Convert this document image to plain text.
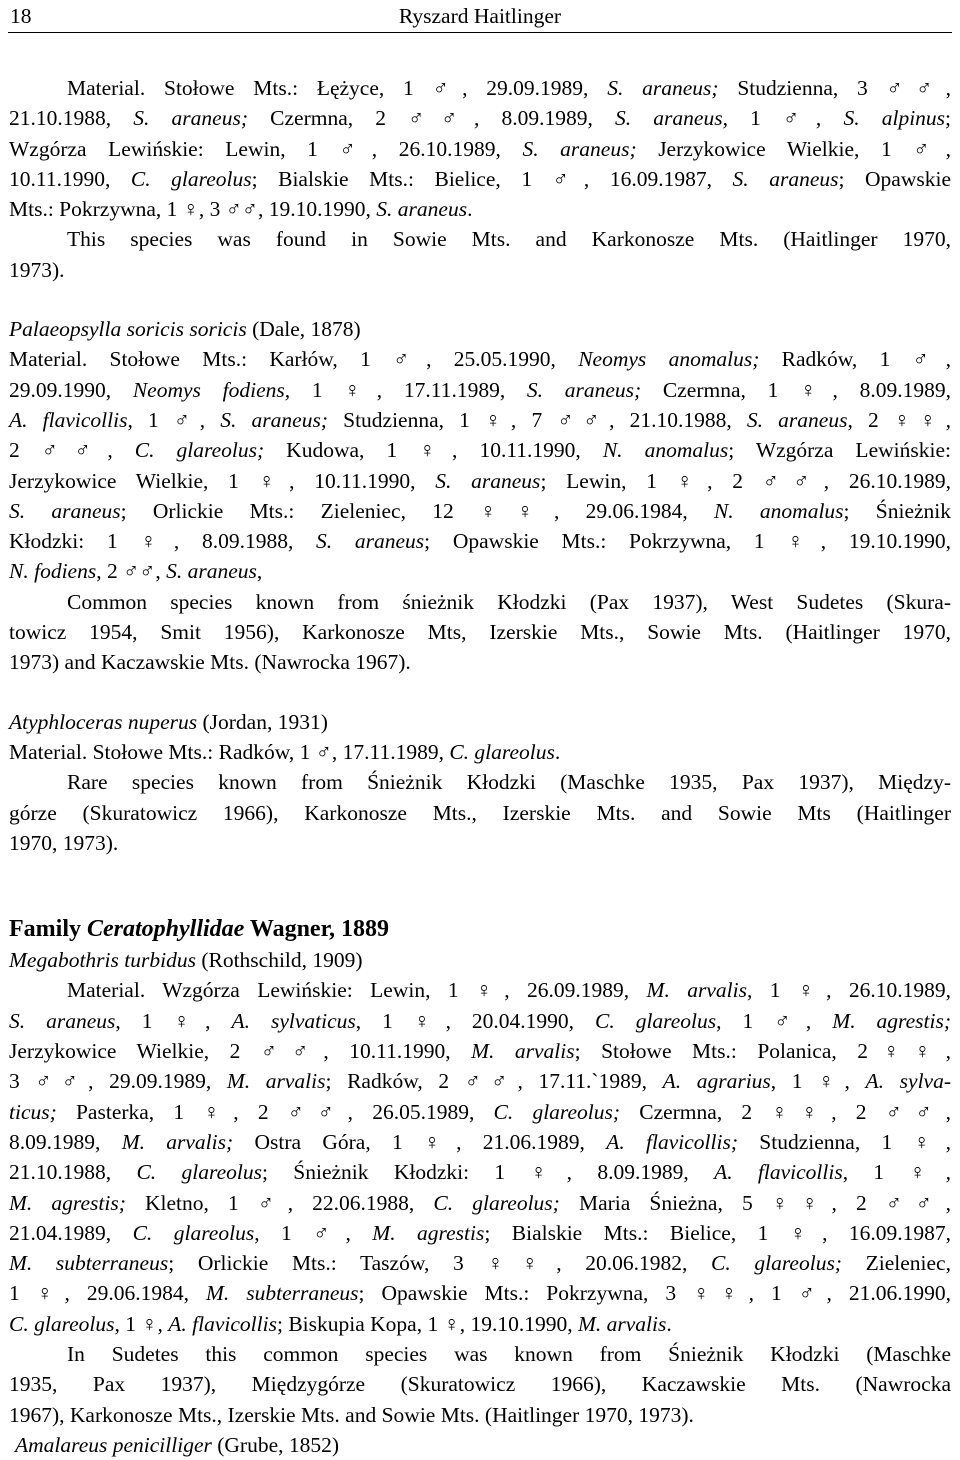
18	Ryszard Haitlinger
Material. Stołowe Mts.: Łężyce, 1 ♂, 29.09.1989, S. araneus; Studzienna, 3 ♂♂,
21.10.1988, S. araneus; Czermna, 2 ♂♂, 8.09.1989, S. araneus, 1 ♂, S. alpinus;
Wzgórza Lewińskie: Lewin, 1 ♂, 26.10.1989, S. araneus; Jerzykowice Wielkie, 1 ♂,
10.11.1990, C. glareolus; Bialskie Mts.: Bielice, 1 ♂, 16.09.1987, S. araneus; Opawskie
Mts.: Pokrzywna, 1 ♀, 3 ♂♂, 19.10.1990, S. araneus.
This species was found in Sowie Mts. and Karkonosze Mts. (Haitlinger 1970,
1973).
Palaeopsylla soricis soricis (Dale, 1878)
Material. Stołowe Mts.: Karłów, 1 ♂, 25.05.1990, Neomys anomalus; Radków, 1 ♂,
29.09.1990, Neomys fodiens, 1 ♀, 17.11.1989, S. araneus; Czermna, 1 ♀, 8.09.1989,
A. flavicollis, 1 ♂, S. araneus; Studzienna, 1 ♀, 7 ♂♂, 21.10.1988, S. araneus, 2 ♀♀,
2 ♂♂, C. glareolus; Kudowa, 1 ♀, 10.11.1990, N. anomalus; Wzgórza Lewińskie:
Jerzykowice Wielkie, 1 ♀, 10.11.1990, S. araneus; Lewin, 1 ♀, 2 ♂♂, 26.10.1989,
S. araneus; Orlickie Mts.: Zieleniec, 12 ♀♀, 29.06.1984, N. anomalus; Śnieżnik
Kłodzki: 1 ♀, 8.09.1988, S. araneus; Opawskie Mts.: Pokrzywna, 1 ♀, 19.10.1990,
N. fodiens, 2 ♂♂, S. araneus,
Common species known from śnieżnik Kłodzki (Pax 1937), West Sudetes (Skura-
towicz 1954, Smit 1956), Karkonosze Mts, Izerskie Mts., Sowie Mts. (Haitlinger 1970,
1973) and Kaczawskie Mts. (Nawrocka 1967).
Atyphloceras nuperus (Jordan, 1931)
Material. Stołowe Mts.: Radków, 1 ♂, 17.11.1989, C. glareolus.
Rare species known from Śnieżnik Kłodzki (Maschke 1935, Pax 1937), Między-
górze (Skuratowicz 1966), Karkonosze Mts., Izerskie Mts. and Sowie Mts (Haitlinger
1970, 1973).
Family Ceratophyllidae Wagner, 1889
Megabothris turbidus (Rothschild, 1909)
Material. Wzgórza Lewińskie: Lewin, 1 ♀, 26.09.1989, M. arvalis, 1 ♀, 26.10.1989,
S. araneus, 1 ♀, A. sylvaticus, 1 ♀, 20.04.1990, C. glareolus, 1 ♂, M. agrestis;
Jerzykowice Wielkie, 2 ♂♂, 10.11.1990, M. arvalis; Stołowe Mts.: Polanica, 2♀♀,
3 ♂♂, 29.09.1989, M. arvalis; Radków, 2 ♂♂, 17.11.`1989, A. agrarius, 1 ♀, A. sylva-
ticus; Pasterka, 1 ♀, 2 ♂♂, 26.05.1989, C. glareolus; Czermna, 2 ♀♀, 2 ♂♂,
8.09.1989, M. arvalis; Ostra Góra, 1 ♀, 21.06.1989, A. flavicollis; Studzienna, 1 ♀,
21.10.1988, C. glareolus; Śnieżnik Kłodzki: 1 ♀, 8.09.1989, A. flavicollis, 1 ♀,
M. agrestis; Kletno, 1 ♂, 22.06.1988, C. glareolus; Maria Śnieżna, 5 ♀♀, 2 ♂♂,
21.04.1989, C. glareolus, 1 ♂, M. agrestis; Bialskie Mts.: Bielice, 1 ♀, 16.09.1987,
M. subterraneus; Orlickie Mts.: Taszów, 3 ♀♀, 20.06.1982, C. glareolus; Zieleniec,
1 ♀, 29.06.1984, M. subterraneus; Opawskie Mts.: Pokrzywna, 3 ♀♀, 1 ♂, 21.06.1990,
C. glareolus, 1 ♀, A. flavicollis; Biskupia Kopa, 1 ♀, 19.10.1990, M. arvalis.
In Sudetes this common species was known from Śnieżnik Kłodzki (Maschke
1935, Pax 1937), Międzygórze (Skuratowicz 1966), Kaczawskie Mts. (Nawrocka
1967), Karkonosze Mts., Izerskie Mts. and Sowie Mts. (Haitlinger 1970, 1973).
Amalareus penicilliger (Grube, 1852)
